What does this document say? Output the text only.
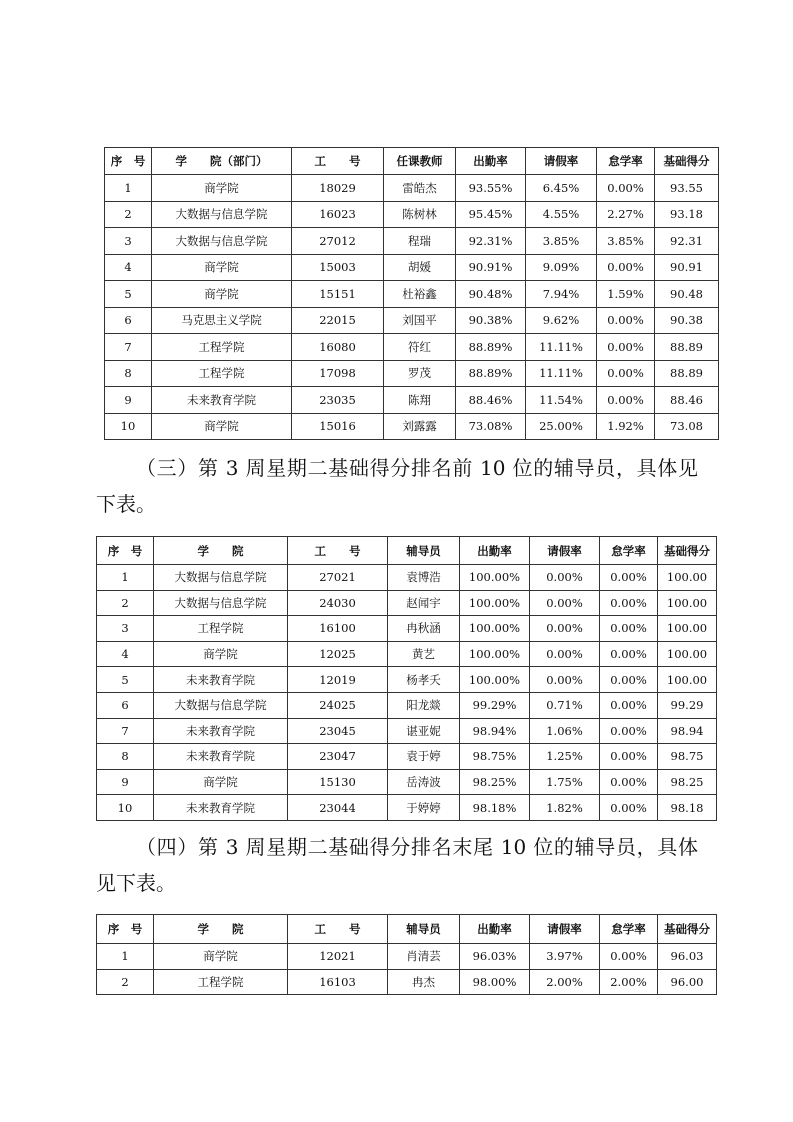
序　号	学　　院（部门）	工　　号	任课教师	出勤率	请假率	怠学率	基础得分
1	商学院	18029	雷皓杰	93.55%	6.45%	0.00%	93.55
2	大数据与信息学院	16023	陈树林	95.45%	4.55%	2.27%	93.18
3	大数据与信息学院	27012	程瑞	92.31%	3.85%	3.85%	92.31
4	商学院	15003	胡媛	90.91%	9.09%	0.00%	90.91
5	商学院	15151	杜裕鑫	90.48%	7.94%	1.59%	90.48
6	马克思主义学院	22015	刘国平	90.38%	9.62%	0.00%	90.38
7	工程学院	16080	符红	88.89%	11.11%	0.00%	88.89
8	工程学院	17098	罗茂	88.89%	11.11%	0.00%	88.89
9	未来教育学院	23035	陈翔	88.46%	11.54%	0.00%	88.46
10	商学院	15016	刘露露	73.08%	25.00%	1.92%	73.08

（三）第 3 周星期二基础得分排名前 10 位的辅导员，具体见下表。

序　号	学　　院	工　　号	辅导员	出勤率	请假率	怠学率	基础得分
1	大数据与信息学院	27021	袁博浩	100.00%	0.00%	0.00%	100.00
2	大数据与信息学院	24030	赵闻宇	100.00%	0.00%	0.00%	100.00
3	工程学院	16100	冉秋涵	100.00%	0.00%	0.00%	100.00
4	商学院	12025	黄艺	100.00%	0.00%	0.00%	100.00
5	未来教育学院	12019	杨孝夭	100.00%	0.00%	0.00%	100.00
6	大数据与信息学院	24025	阳龙燚	99.29%	0.71%	0.00%	99.29
7	未来教育学院	23045	谌亚妮	98.94%	1.06%	0.00%	98.94
8	未来教育学院	23047	袁于婷	98.75%	1.25%	0.00%	98.75
9	商学院	15130	岳涛波	98.25%	1.75%	0.00%	98.25
10	未来教育学院	23044	于婷婷	98.18%	1.82%	0.00%	98.18

（四）第 3 周星期二基础得分排名末尾 10 位的辅导员，具体见下表。

序　号	学　　院	工　　号	辅导员	出勤率	请假率	怠学率	基础得分
1	商学院	12021	肖清芸	96.03%	3.97%	0.00%	96.03
2	工程学院	16103	冉杰	98.00%	2.00%	2.00%	96.00
